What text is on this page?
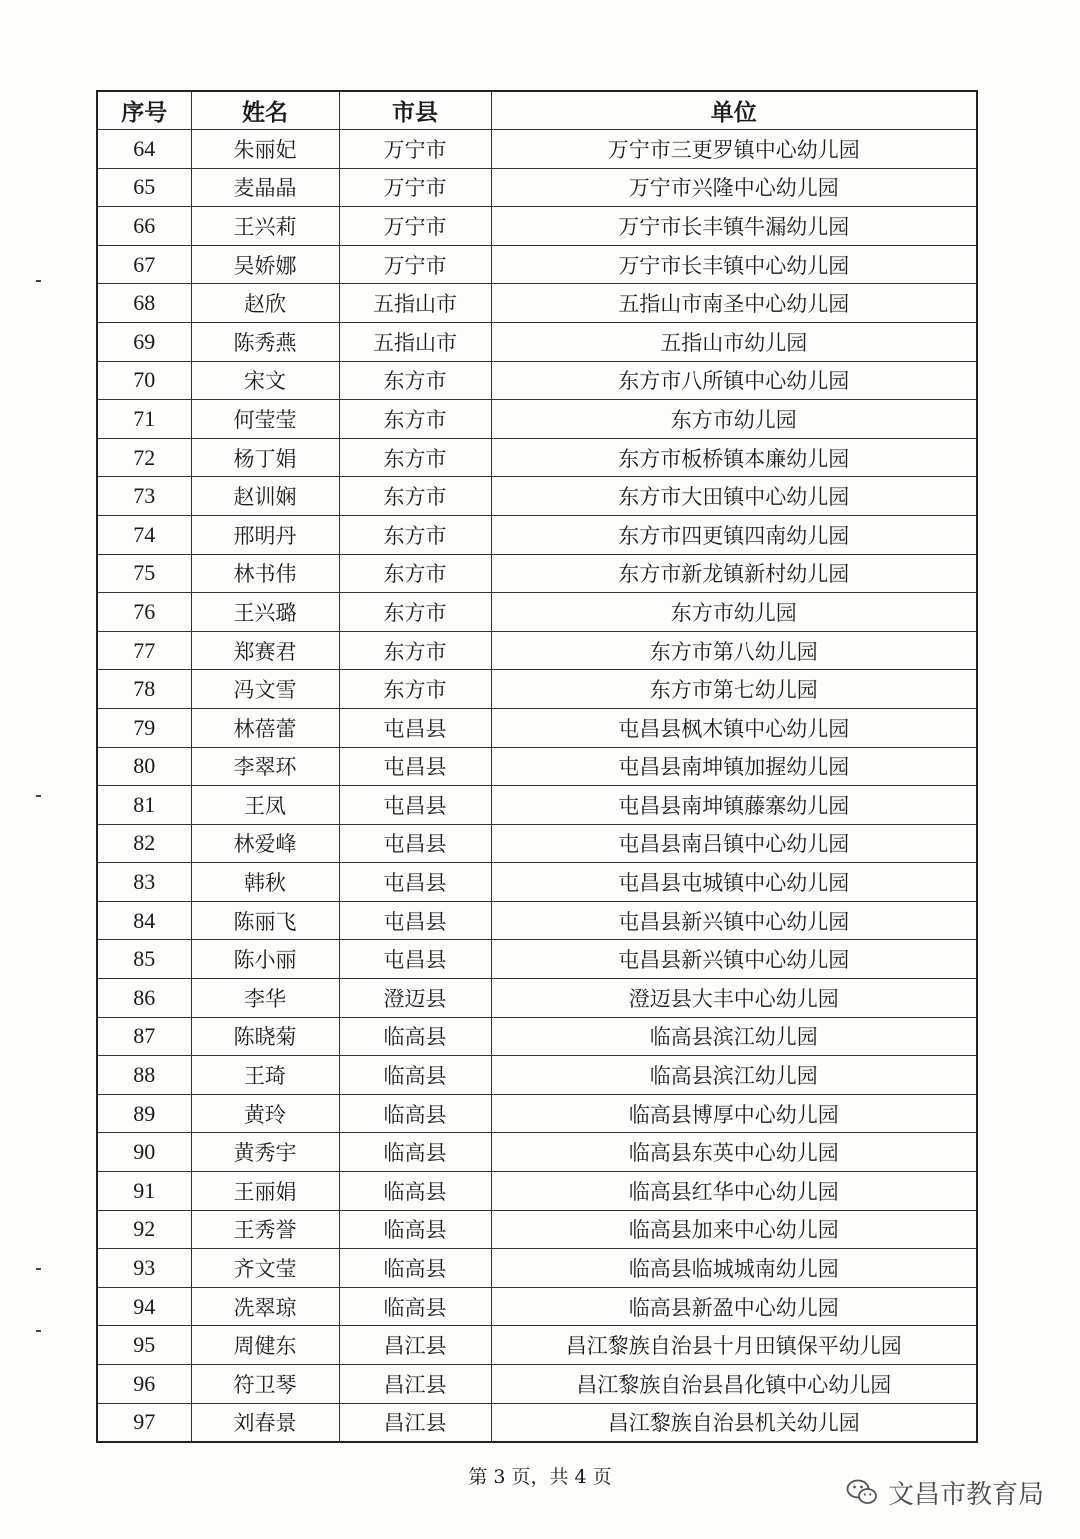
序号	姓名	市县	单位
64	朱丽妃	万宁市	万宁市三更罗镇中心幼儿园
65	麦晶晶	万宁市	万宁市兴隆中心幼儿园
66	王兴莉	万宁市	万宁市长丰镇牛漏幼儿园
67	吴娇娜	万宁市	万宁市长丰镇中心幼儿园
68	赵欣	五指山市	五指山市南圣中心幼儿园
69	陈秀燕	五指山市	五指山市幼儿园
70	宋文	东方市	东方市八所镇中心幼儿园
71	何莹莹	东方市	东方市幼儿园
72	杨丁娟	东方市	东方市板桥镇本廉幼儿园
73	赵训娴	东方市	东方市大田镇中心幼儿园
74	邢明丹	东方市	东方市四更镇四南幼儿园
75	林书伟	东方市	东方市新龙镇新村幼儿园
76	王兴璐	东方市	东方市幼儿园
77	郑赛君	东方市	东方市第八幼儿园
78	冯文雪	东方市	东方市第七幼儿园
79	林蓓蕾	屯昌县	屯昌县枫木镇中心幼儿园
80	李翠环	屯昌县	屯昌县南坤镇加握幼儿园
81	王凤	屯昌县	屯昌县南坤镇藤寨幼儿园
82	林爱峰	屯昌县	屯昌县南吕镇中心幼儿园
83	韩秋	屯昌县	屯昌县屯城镇中心幼儿园
84	陈丽飞	屯昌县	屯昌县新兴镇中心幼儿园
85	陈小丽	屯昌县	屯昌县新兴镇中心幼儿园
86	李华	澄迈县	澄迈县大丰中心幼儿园
87	陈晓菊	临高县	临高县滨江幼儿园
88	王琦	临高县	临高县滨江幼儿园
89	黄玲	临高县	临高县博厚中心幼儿园
90	黄秀宇	临高县	临高县东英中心幼儿园
91	王丽娟	临高县	临高县红华中心幼儿园
92	王秀誉	临高县	临高县加来中心幼儿园
93	齐文莹	临高县	临高县临城城南幼儿园
94	冼翠琼	临高县	临高县新盈中心幼儿园
95	周健东	昌江县	昌江黎族自治县十月田镇保平幼儿园
96	符卫琴	昌江县	昌江黎族自治县昌化镇中心幼儿园
97	刘春景	昌江县	昌江黎族自治县机关幼儿园
第 3 页，共 4 页
文昌市教育局
